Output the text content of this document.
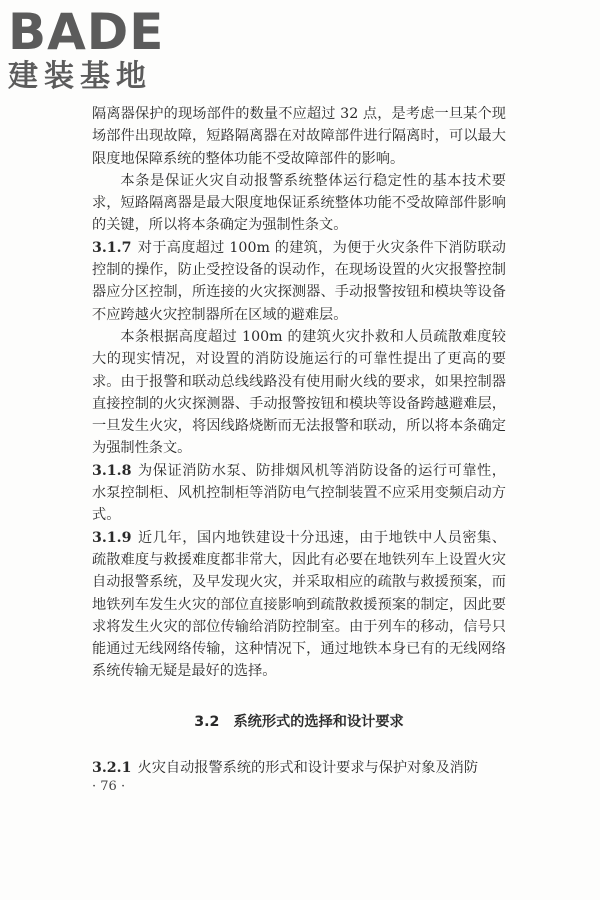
BADE
建装基地

隔离器保护的现场部件的数量不应超过 32 点，是考虑一旦某个现场部件出现故障，短路隔离器在对故障部件进行隔离时，可以最大限度地保障系统的整体功能不受故障部件的影响。

本条是保证火灾自动报警系统整体运行稳定性的基本技术要求，短路隔离器是最大限度地保证系统整体功能不受故障部件影响的关键，所以将本条确定为强制性条文。

3.1.7 对于高度超过 100m 的建筑，为便于火灾条件下消防联动控制的操作，防止受控设备的误动作，在现场设置的火灾报警控制器应分区控制，所连接的火灾探测器、手动报警按钮和模块等设备不应跨越火灾控制器所在区域的避难层。

本条根据高度超过 100m 的建筑火灾扑救和人员疏散难度较大的现实情况，对设置的消防设施运行的可靠性提出了更高的要求。由于报警和联动总线线路没有使用耐火线的要求，如果控制器直接控制的火灾探测器、手动报警按钮和模块等设备跨越避难层，一旦发生火灾，将因线路烧断而无法报警和联动，所以将本条确定为强制性条文。

3.1.8 为保证消防水泵、防排烟风机等消防设备的运行可靠性，水泵控制柜、风机控制柜等消防电气控制装置不应采用变频启动方式。

3.1.9 近几年，国内地铁建设十分迅速，由于地铁中人员密集、疏散难度与救援难度都非常大，因此有必要在地铁列车上设置火灾自动报警系统，及早发现火灾，并采取相应的疏散与救援预案，而地铁列车发生火灾的部位直接影响到疏散救援预案的制定，因此要求将发生火灾的部位传输给消防控制室。由于列车的移动，信号只能通过无线网络传输，这种情况下，通过地铁本身已有的无线网络系统传输无疑是最好的选择。

3.2 系统形式的选择和设计要求
3.2.1 火灾自动报警系统的形式和设计要求与保护对象及消防
· 76 ·
